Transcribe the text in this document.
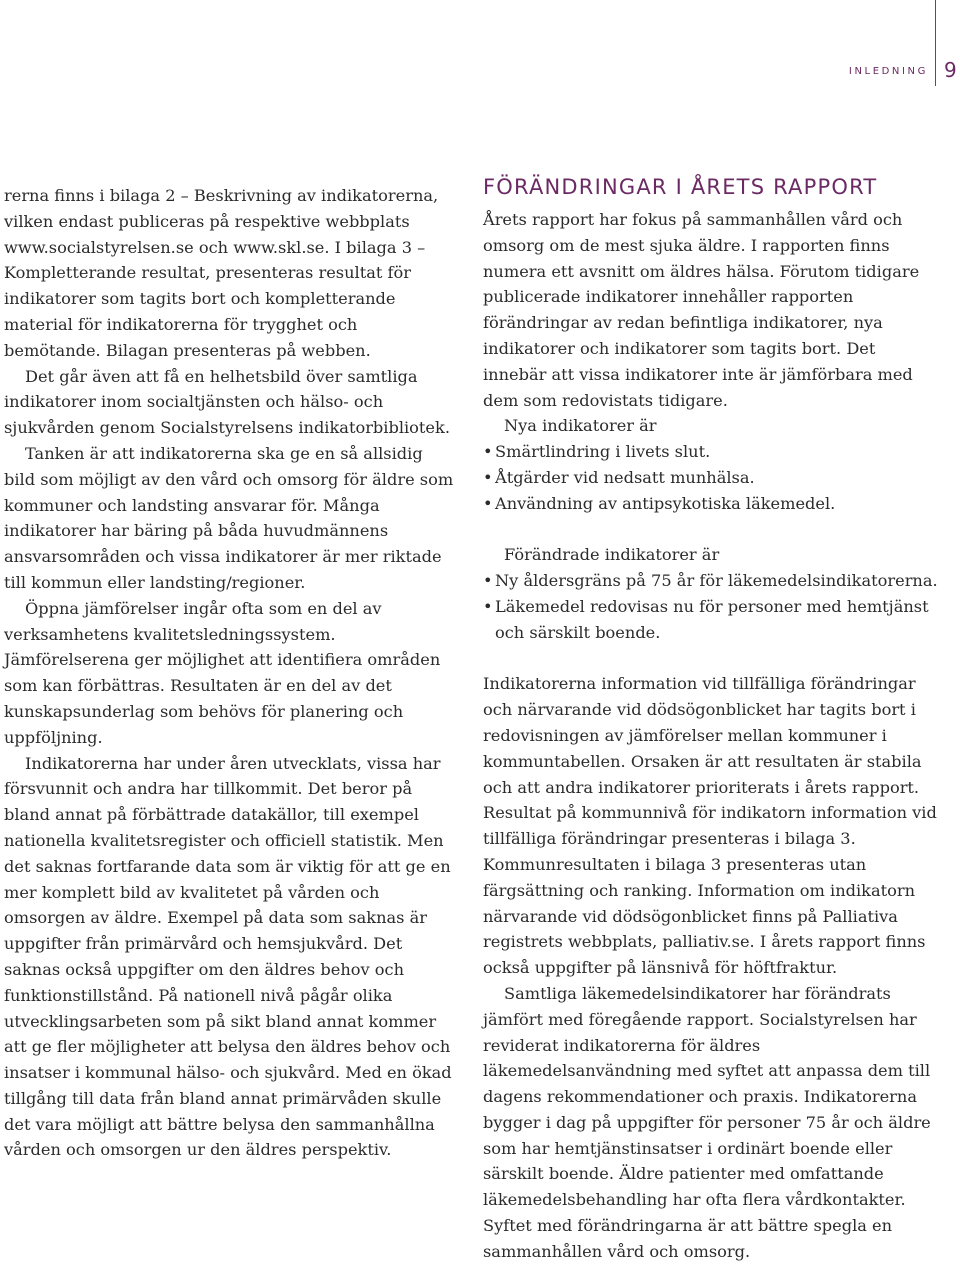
INLEDNING 9

rerna finns i bilaga 2 – Beskrivning av indikatorerna, vilken endast publiceras på respektive webbplats www.socialstyrelsen.se och www.skl.se. I bilaga 3 – Kompletterande resultat, presenteras resultat för indikatorer som tagits bort och kompletterande material för indikatorerna för trygghet och bemötande. Bilagan presenteras på webben.

Det går även att få en helhetsbild över samtliga indikatorer inom socialtjänsten och hälso- och sjukvården genom Socialstyrelsens indikatorbibliotek.

Tanken är att indikatorerna ska ge en så allsidig bild som möjligt av den vård och omsorg för äldre som kommuner och landsting ansvarar för. Många indikatorer har bäring på båda huvudmännens ansvarsområden och vissa indikatorer är mer riktade till kommun eller landsting/regioner.

Öppna jämförelser ingår ofta som en del av verksamhetens kvalitetsledningssystem. Jämförelserena ger möjlighet att identifiera områden som kan förbättras. Resultaten är en del av det kunskapsunderlag som behövs för planering och uppföljning.

Indikatorerna har under åren utvecklats, vissa har försvunnit och andra har tillkommit. Det beror på bland annat på förbättrade datakällor, till exempel nationella kvalitetsregister och officiell statistik. Men det saknas fortfarande data som är viktig för att ge en mer komplett bild av kvalitetet på vården och omsorgen av äldre. Exempel på data som saknas är uppgifter från primärvård och hemsjukvård. Det saknas också uppgifter om den äldres behov och funktionstillstånd. På nationell nivå pågår olika utvecklingsarbeten som på sikt bland annat kommer att ge fler möjligheter att belysa den äldres behov och insatser i kommunal hälso- och sjukvård. Med en ökad tillgång till data från bland annat primärvåden skulle det vara möjligt att bättre belysa den sammanhållna vården och omsorgen ur den äldres perspektiv.

FÖRÄNDRINGAR I ÅRETS RAPPORT

Årets rapport har fokus på sammanhållen vård och omsorg om de mest sjuka äldre. I rapporten finns numera ett avsnitt om äldres hälsa. Förutom tidigare publicerade indikatorer innehåller rapporten förändringar av redan befintliga indikatorer, nya indikatorer och indikatorer som tagits bort. Det innebär att vissa indikatorer inte är jämförbara med dem som redovistats tidigare.

Nya indikatorer är

• Smärtlindring i livets slut.
• Åtgärder vid nedsatt munhälsa.
• Användning av antipsykotiska läkemedel.

Förändrade indikatorer är

• Ny åldersgräns på 75 år för läkemedelsindikatorerna.
• Läkemedel redovisas nu för personer med hemtjänst och särskilt boende.

Indikatorerna information vid tillfälliga förändringar och närvarande vid dödsögonblicket har tagits bort i redovisningen av jämförelser mellan kommuner i kommuntabellen. Orsaken är att resultaten är stabila och att andra indikatorer prioriterats i årets rapport. Resultat på kommunnivå för indikatorn information vid tillfälliga förändringar presenteras i bilaga 3. Kommunresultaten i bilaga 3 presenteras utan färgsättning och ranking. Information om indikatorn närvarande vid dödsögonblicket finns på Palliativa registrets webbplats, palliativ.se. I årets rapport finns också uppgifter på länsnivå för höftfraktur.

Samtliga läkemedelsindikatorer har förändrats jämfört med föregående rapport. Socialstyrelsen har reviderat indikatorerna för äldres läkemedelsanvändning med syftet att anpassa dem till dagens rekommendationer och praxis. Indikatorerna bygger i dag på uppgifter för personer 75 år och äldre som har hemtjänstinsatser i ordinärt boende eller särskilt boende. Äldre patienter med omfattande läkemedelsbehandling har ofta flera vårdkontakter. Syftet med förändringarna är att bättre spegla en sammanhållen vård och omsorg.
